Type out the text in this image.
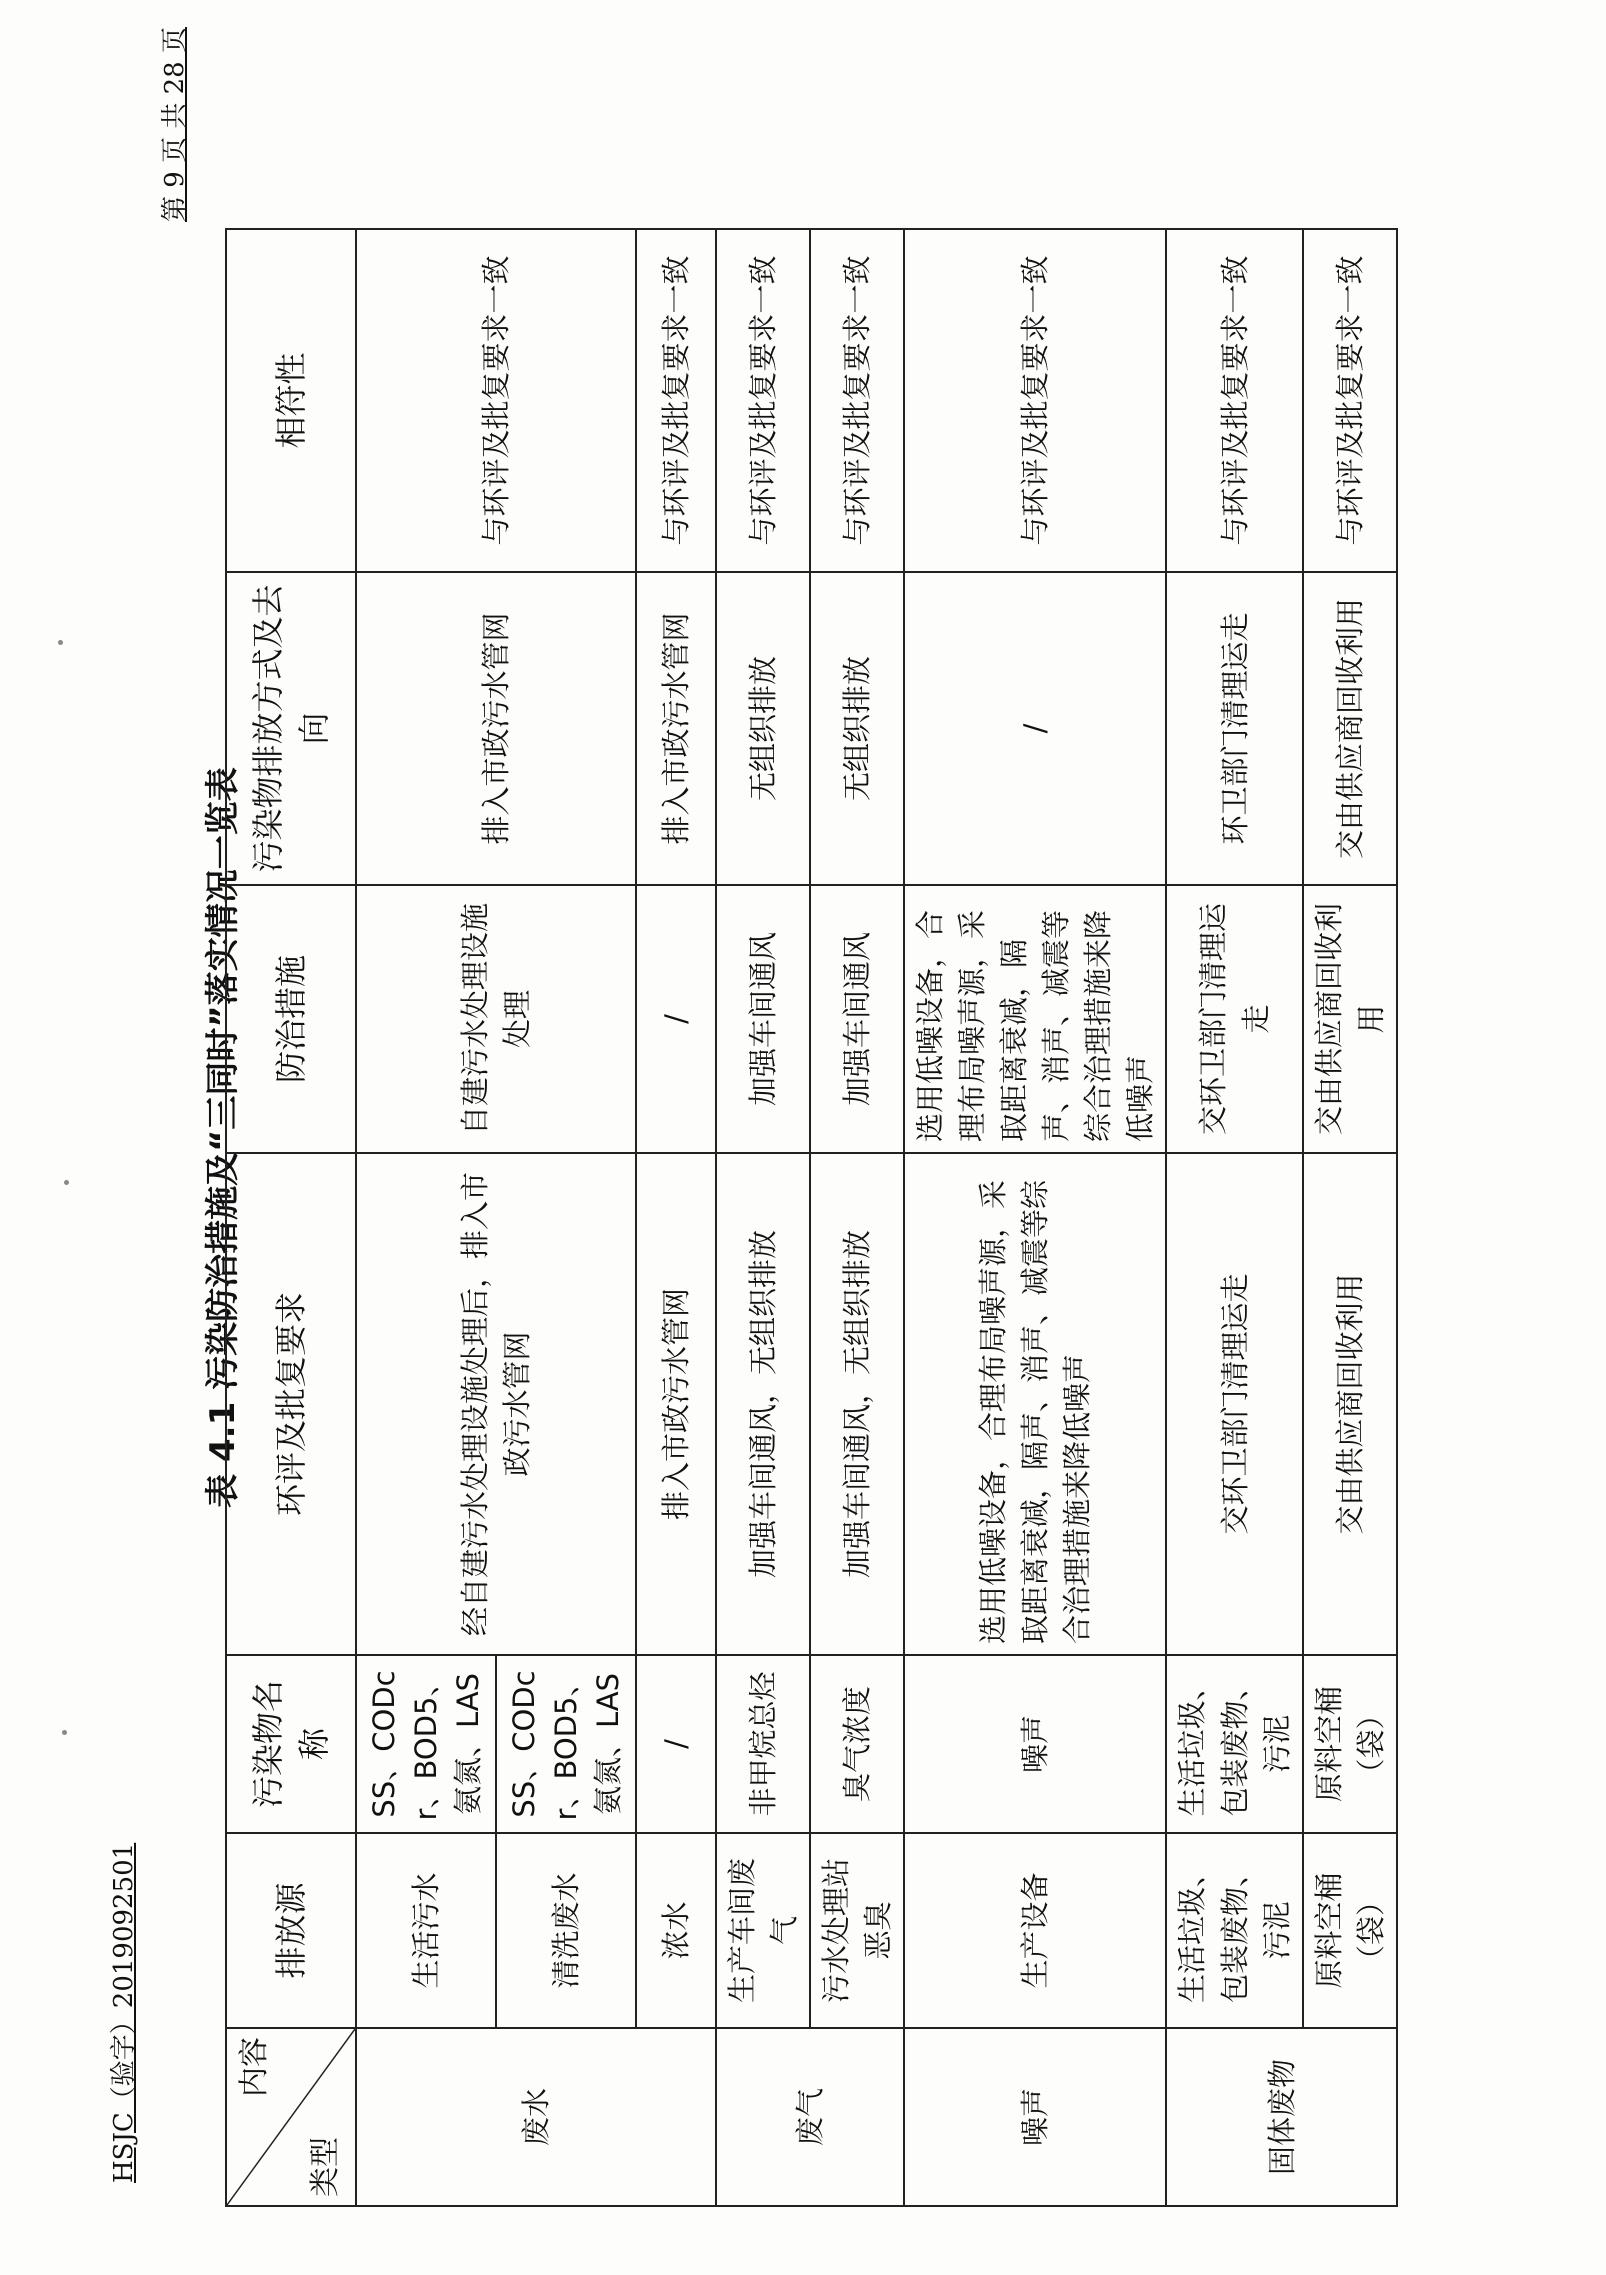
HSJC（验字）2019092501
第 9 页 共 28 页
表 4.1 污染防治措施及“三同时”落实情况一览表
内容
类型	排放源	污染物名称	环评及批复要求	防治措施	污染物排放方式及去向	相符性
废水	生活污水	SS、CODcr、BOD5、氨氮、LAS	经自建污水处理设施处理后，排入市政污水管网	自建污水处理设施处理	排入市政污水管网	与环评及批复要求一致
	清洗废水	SS、CODcr、BOD5、氨氮、LAS				
	浓水	/	排入市政污水管网	/	排入市政污水管网	与环评及批复要求一致
废气	生产车间废气	非甲烷总烃	加强车间通风，无组织排放	加强车间通风	无组织排放	与环评及批复要求一致
	污水处理站恶臭	臭气浓度	加强车间通风，无组织排放	加强车间通风	无组织排放	与环评及批复要求一致
噪声	生产设备	噪声	选用低噪设备，合理布局噪声源，采取距离衰减，隔声、消声、减震等综合治理措施来降低噪声	选用低噪设备，合理布局噪声源，采取距离衰减，隔声、消声、减震等综合治理措施来降低噪声	/	与环评及批复要求一致
固体废物	生活垃圾、包装废物、污泥	生活垃圾、包装废物、污泥	交环卫部门清理运走	交环卫部门清理运走	环卫部门清理运走	与环评及批复要求一致
	原料空桶（袋）	原料空桶（袋）	交由供应商回收利用	交由供应商回收利用	交由供应商回收利用	与环评及批复要求一致
